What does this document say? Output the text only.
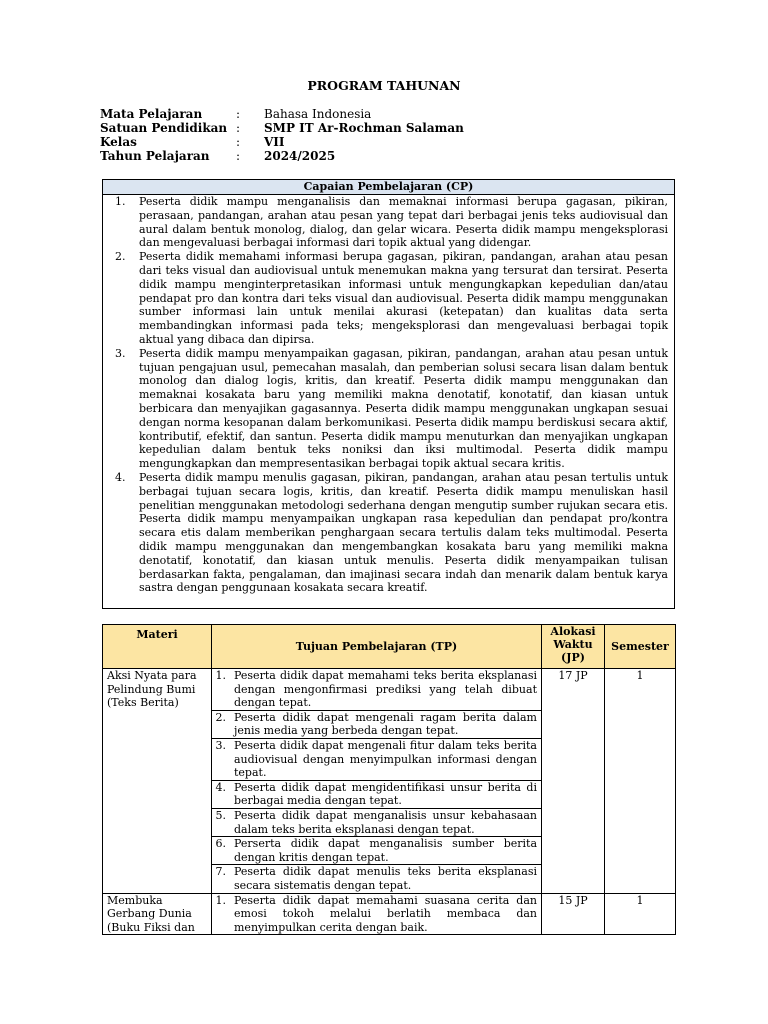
PROGRAM TAHUNAN
Mata Pelajaran	:	Bahasa Indonesia
Satuan Pendidikan	:	SMP IT Ar-Rochman Salaman
Kelas	:	VII
Tahun Pelajaran	:	2024/2025
Capaian Pembelajaran (CP)
1. Peserta didik mampu menganalisis dan memaknai informasi berupa gagasan, pikiran, perasaan, pandangan, arahan atau pesan yang tepat dari berbagai jenis teks audiovisual dan aural dalam bentuk monolog, dialog, dan gelar wicara. Peserta didik mampu mengeksplorasi dan mengevaluasi berbagai informasi dari topik aktual yang didengar.
2. Peserta didik memahami informasi berupa gagasan, pikiran, pandangan, arahan atau pesan dari teks visual dan audiovisual untuk menemukan makna yang tersurat dan tersirat. Peserta didik mampu menginterpretasikan informasi untuk mengungkapkan kepedulian dan/atau pendapat pro dan kontra dari teks visual dan audiovisual. Peserta didik mampu menggunakan sumber informasi lain untuk menilai akurasi (ketepatan) dan kualitas data serta membandingkan informasi pada teks; mengeksplorasi dan mengevaluasi berbagai topik aktual yang dibaca dan dipirsa.
3. Peserta didik mampu menyampaikan gagasan, pikiran, pandangan, arahan atau pesan untuk tujuan pengajuan usul, pemecahan masalah, dan pemberian solusi secara lisan dalam bentuk monolog dan dialog logis, kritis, dan kreatif. Peserta didik mampu menggunakan dan memaknai kosakata baru yang memiliki makna denotatif, konotatif, dan kiasan untuk berbicara dan menyajikan gagasannya. Peserta didik mampu menggunakan ungkapan sesuai dengan norma kesopanan dalam berkomunikasi. Peserta didik mampu berdiskusi secara aktif, kontributif, efektif, dan santun. Peserta didik mampu menuturkan dan menyajikan ungkapan kepedulian dalam bentuk teks noniksi dan iksi multimodal. Peserta didik mampu mengungkapkan dan mempresentasikan berbagai topik aktual secara kritis.
4. Peserta didik mampu menulis gagasan, pikiran, pandangan, arahan atau pesan tertulis untuk berbagai tujuan secara logis, kritis, dan kreatif. Peserta didik mampu menuliskan hasil penelitian menggunakan metodologi sederhana dengan mengutip sumber rujukan secara etis. Peserta didik mampu menyampaikan ungkapan rasa kepedulian dan pendapat pro/kontra secara etis dalam memberikan penghargaan secara tertulis dalam teks multimodal. Peserta didik mampu menggunakan dan mengembangkan kosakata baru yang memiliki makna denotatif, konotatif, dan kiasan untuk menulis. Peserta didik menyampaikan tulisan berdasarkan fakta, pengalaman, dan imajinasi secara indah dan menarik dalam bentuk karya sastra dengan penggunaan kosakata secara kreatif.
Materi	Tujuan Pembelajaran (TP)	Alokasi Waktu (JP)	Semester
Aksi Nyata para Pelindung Bumi (Teks Berita)	1. Peserta didik dapat memahami teks berita eksplanasi dengan mengonfirmasi prediksi yang telah dibuat dengan tepat.	17 JP	1

	2. Peserta didik dapat mengenali ragam berita dalam jenis media yang berbeda dengan tepat.		

	3. Peserta didik dapat mengenali fitur dalam teks berita audiovisual dengan menyimpulkan informasi dengan tepat.		

	4. Peserta didik dapat mengidentifikasi unsur berita di berbagai media dengan tepat.		

	5. Peserta didik dapat menganalisis unsur kebahasaan dalam teks berita eksplanasi dengan tepat.		

	6. Perserta didik dapat menganalisis sumber berita dengan kritis dengan tepat.		

	7. Peserta didik dapat menulis teks berita eksplanasi secara sistematis dengan tepat.		

Membuka Gerbang Dunia (Buku Fiksi dan	1. Peserta didik dapat memahami suasana cerita dan emosi tokoh melalui berlatih membaca dan menyimpulkan cerita dengan baik.	15 JP	1
